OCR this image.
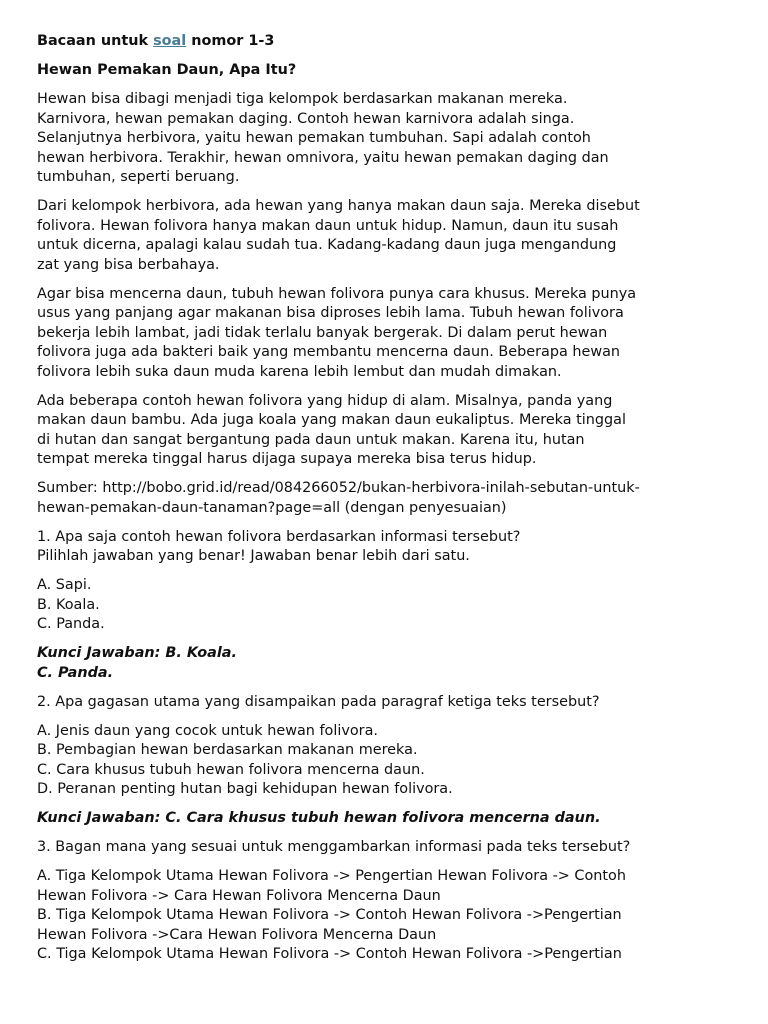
Bacaan untuk soal nomor 1-3

Hewan Pemakan Daun, Apa Itu?

Hewan bisa dibagi menjadi tiga kelompok berdasarkan makanan mereka.
Karnivora, hewan pemakan daging. Contoh hewan karnivora adalah singa.
Selanjutnya herbivora, yaitu hewan pemakan tumbuhan. Sapi adalah contoh
hewan herbivora. Terakhir, hewan omnivora, yaitu hewan pemakan daging dan
tumbuhan, seperti beruang.

Dari kelompok herbivora, ada hewan yang hanya makan daun saja. Mereka disebut
folivora. Hewan folivora hanya makan daun untuk hidup. Namun, daun itu susah
untuk dicerna, apalagi kalau sudah tua. Kadang-kadang daun juga mengandung
zat yang bisa berbahaya.

Agar bisa mencerna daun, tubuh hewan folivora punya cara khusus. Mereka punya
usus yang panjang agar makanan bisa diproses lebih lama. Tubuh hewan folivora
bekerja lebih lambat, jadi tidak terlalu banyak bergerak. Di dalam perut hewan
folivora juga ada bakteri baik yang membantu mencerna daun. Beberapa hewan
folivora lebih suka daun muda karena lebih lembut dan mudah dimakan.

Ada beberapa contoh hewan folivora yang hidup di alam. Misalnya, panda yang
makan daun bambu. Ada juga koala yang makan daun eukaliptus. Mereka tinggal
di hutan dan sangat bergantung pada daun untuk makan. Karena itu, hutan
tempat mereka tinggal harus dijaga supaya mereka bisa terus hidup.

Sumber: http://bobo.grid.id/read/084266052/bukan-herbivora-inilah-sebutan-untuk-
hewan-pemakan-daun-tanaman?page=all (dengan penyesuaian)

1. Apa saja contoh hewan folivora berdasarkan informasi tersebut?
Pilihlah jawaban yang benar! Jawaban benar lebih dari satu.

A. Sapi.
B. Koala.
C. Panda.

Kunci Jawaban: B. Koala.
C. Panda.

2. Apa gagasan utama yang disampaikan pada paragraf ketiga teks tersebut?

A. Jenis daun yang cocok untuk hewan folivora.
B. Pembagian hewan berdasarkan makanan mereka.
C. Cara khusus tubuh hewan folivora mencerna daun.
D. Peranan penting hutan bagi kehidupan hewan folivora.

Kunci Jawaban: C. Cara khusus tubuh hewan folivora mencerna daun.

3. Bagan mana yang sesuai untuk menggambarkan informasi pada teks tersebut?

A. Tiga Kelompok Utama Hewan Folivora -> Pengertian Hewan Folivora -> Contoh
Hewan Folivora -> Cara Hewan Folivora Mencerna Daun
B. Tiga Kelompok Utama Hewan Folivora -> Contoh Hewan Folivora ->Pengertian
Hewan Folivora ->Cara Hewan Folivora Mencerna Daun
C. Tiga Kelompok Utama Hewan Folivora -> Contoh Hewan Folivora ->Pengertian
